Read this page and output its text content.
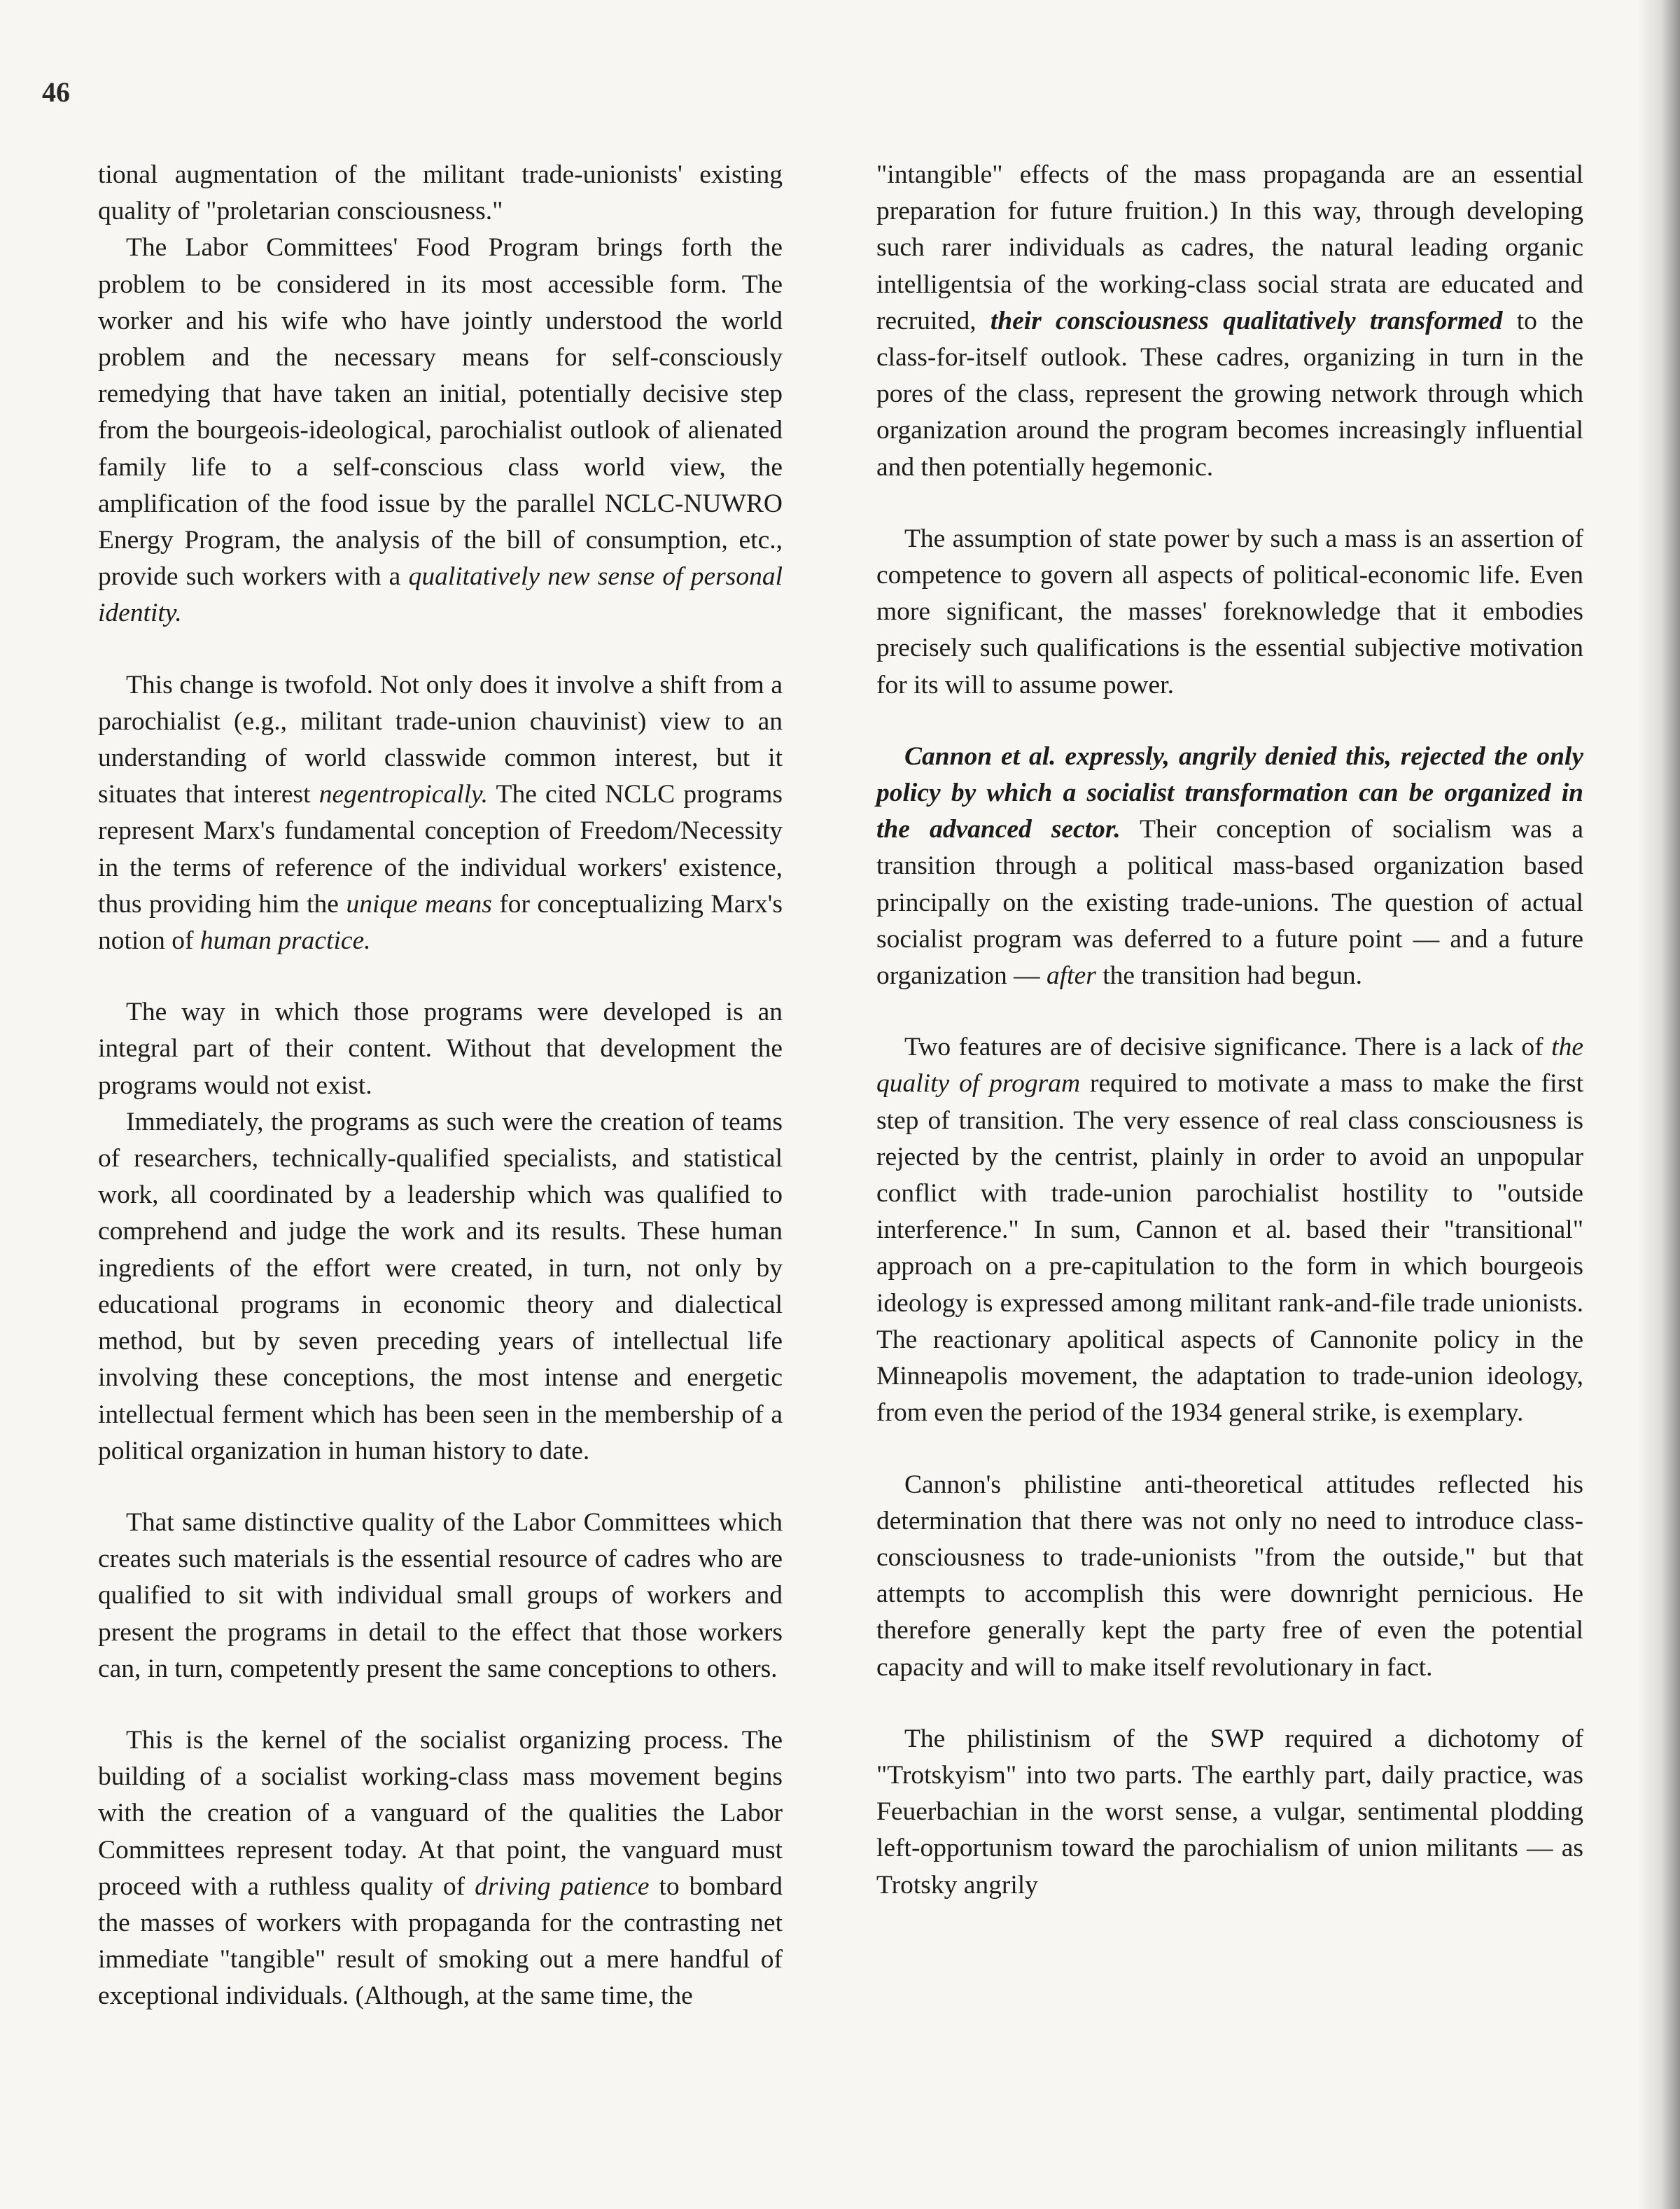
46

tional augmentation of the militant trade-unionists' existing quality of "proletarian consciousness."

The Labor Committees' Food Program brings forth the problem to be considered in its most accessible form. The worker and his wife who have jointly understood the world problem and the necessary means for self-consciously remedying that have taken an initial, potentially decisive step from the bourgeois-ideological, parochialist outlook of alienated family life to a self-conscious class world view, the amplification of the food issue by the parallel NCLC-NUWRO Energy Program, the analysis of the bill of consumption, etc., provide such workers with a qualitatively new sense of personal identity.

This change is twofold. Not only does it involve a shift from a parochialist (e.g., militant trade-union chauvinist) view to an understanding of world classwide common interest, but it situates that interest negentropically. The cited NCLC programs represent Marx's fundamental conception of Freedom/Necessity in the terms of reference of the individual workers' existence, thus providing him the unique means for conceptualizing Marx's notion of human practice.

The way in which those programs were developed is an integral part of their content. Without that development the programs would not exist.

Immediately, the programs as such were the creation of teams of researchers, technically-qualified specialists, and statistical work, all coordinated by a leadership which was qualified to comprehend and judge the work and its results. These human ingredients of the effort were created, in turn, not only by educational programs in economic theory and dialectical method, but by seven preceding years of intellectual life involving these conceptions, the most intense and energetic intellectual ferment which has been seen in the membership of a political organization in human history to date.

That same distinctive quality of the Labor Committees which creates such materials is the essential resource of cadres who are qualified to sit with individual small groups of workers and present the programs in detail to the effect that those workers can, in turn, competently present the same conceptions to others.

This is the kernel of the socialist organizing process. The building of a socialist working-class mass movement begins with the creation of a vanguard of the qualities the Labor Committees represent today. At that point, the vanguard must proceed with a ruthless quality of driving patience to bombard the masses of workers with propaganda for the contrasting net immediate "tangible" result of smoking out a mere handful of exceptional individuals. (Although, at the same time, the

"intangible" effects of the mass propaganda are an essential preparation for future fruition.) In this way, through developing such rarer individuals as cadres, the natural leading organic intelligentsia of the working-class social strata are educated and recruited, their consciousness qualitatively transformed to the class-for-itself outlook. These cadres, organizing in turn in the pores of the class, represent the growing network through which organization around the program becomes increasingly influential and then potentially hegemonic.

The assumption of state power by such a mass is an assertion of competence to govern all aspects of political-economic life. Even more significant, the masses' foreknowledge that it embodies precisely such qualifications is the essential subjective motivation for its will to assume power.

Cannon et al. expressly, angrily denied this, rejected the only policy by which a socialist transformation can be organized in the advanced sector. Their conception of socialism was a transition through a political mass-based organization based principally on the existing trade-unions. The question of actual socialist program was deferred to a future point — and a future organization — after the transition had begun.

Two features are of decisive significance. There is a lack of the quality of program required to motivate a mass to make the first step of transition. The very essence of real class consciousness is rejected by the centrist, plainly in order to avoid an unpopular conflict with trade-union parochialist hostility to "outside interference." In sum, Cannon et al. based their "transitional" approach on a pre-capitulation to the form in which bourgeois ideology is expressed among militant rank-and-file trade unionists. The reactionary apolitical aspects of Cannonite policy in the Minneapolis movement, the adaptation to trade-union ideology, from even the period of the 1934 general strike, is exemplary.

Cannon's philistine anti-theoretical attitudes reflected his determination that there was not only no need to introduce class-consciousness to trade-unionists "from the outside," but that attempts to accomplish this were downright pernicious. He therefore generally kept the party free of even the potential capacity and will to make itself revolutionary in fact.

The philistinism of the SWP required a dichotomy of "Trotskyism" into two parts. The earthly part, daily practice, was Feuerbachian in the worst sense, a vulgar, sentimental plodding left-opportunism toward the parochialism of union militants — as Trotsky angrily
